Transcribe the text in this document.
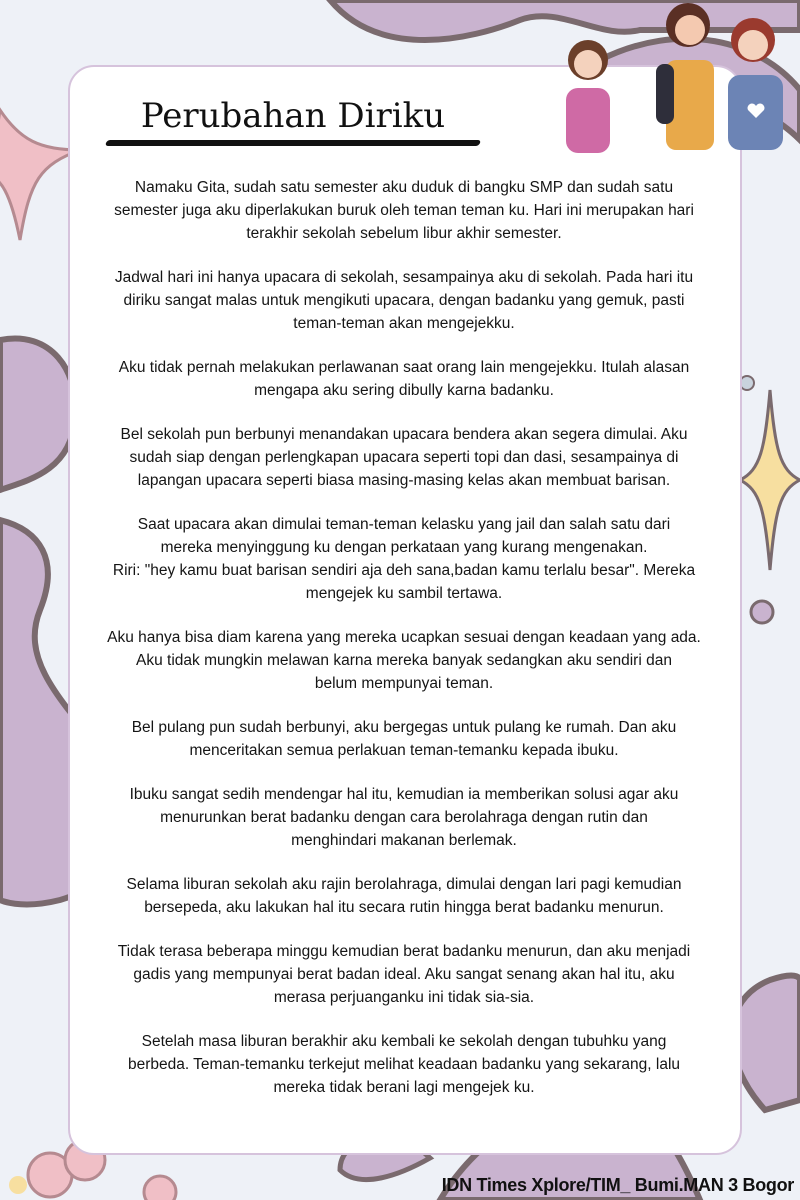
Perubahan Diriku

Namaku Gita, sudah satu semester aku duduk di bangku SMP dan sudah satu
semester juga aku diperlakukan buruk oleh teman teman ku. Hari ini merupakan hari
terakhir sekolah sebelum libur akhir semester.

Jadwal hari ini hanya upacara di sekolah, sesampainya aku di sekolah. Pada hari itu
diriku sangat malas untuk mengikuti upacara, dengan badanku yang gemuk, pasti
teman-teman akan mengejekku.

Aku tidak pernah melakukan perlawanan saat orang lain mengejekku. Itulah alasan
mengapa aku sering dibully karna badanku.

Bel sekolah pun berbunyi menandakan upacara bendera akan segera dimulai. Aku
sudah siap dengan perlengkapan upacara seperti topi dan dasi, sesampainya di
lapangan upacara seperti biasa masing-masing kelas akan membuat barisan.

Saat upacara akan dimulai teman-teman kelasku yang jail dan salah satu dari
mereka menyinggung ku dengan perkataan yang kurang mengenakan.
Riri: "hey kamu buat barisan sendiri aja deh sana,badan kamu terlalu besar". Mereka
mengejek ku sambil tertawa.

Aku hanya bisa diam karena yang mereka ucapkan sesuai dengan keadaan yang ada.
Aku tidak mungkin melawan karna mereka banyak sedangkan aku sendiri dan
belum mempunyai teman.

Bel pulang pun sudah berbunyi, aku bergegas untuk pulang ke rumah. Dan aku
menceritakan semua perlakuan teman-temanku kepada ibuku.

Ibuku sangat sedih mendengar hal itu, kemudian ia memberikan solusi agar aku
menurunkan berat badanku dengan cara berolahraga dengan rutin dan
menghindari makanan berlemak.

Selama liburan sekolah aku rajin berolahraga, dimulai dengan lari pagi kemudian
bersepeda, aku lakukan hal itu secara rutin hingga berat badanku menurun.

Tidak terasa beberapa minggu kemudian berat badanku menurun, dan aku menjadi
gadis yang mempunyai berat badan ideal. Aku sangat senang akan hal itu, aku
merasa perjuanganku ini tidak sia-sia.

Setelah masa liburan berakhir aku kembali ke sekolah dengan tubuhku yang
berbeda. Teman-temanku terkejut melihat keadaan badanku yang sekarang, lalu
mereka tidak berani lagi mengejek ku.

IDN Times Xplore/TIM_ Bumi.MAN 3 Bogor
